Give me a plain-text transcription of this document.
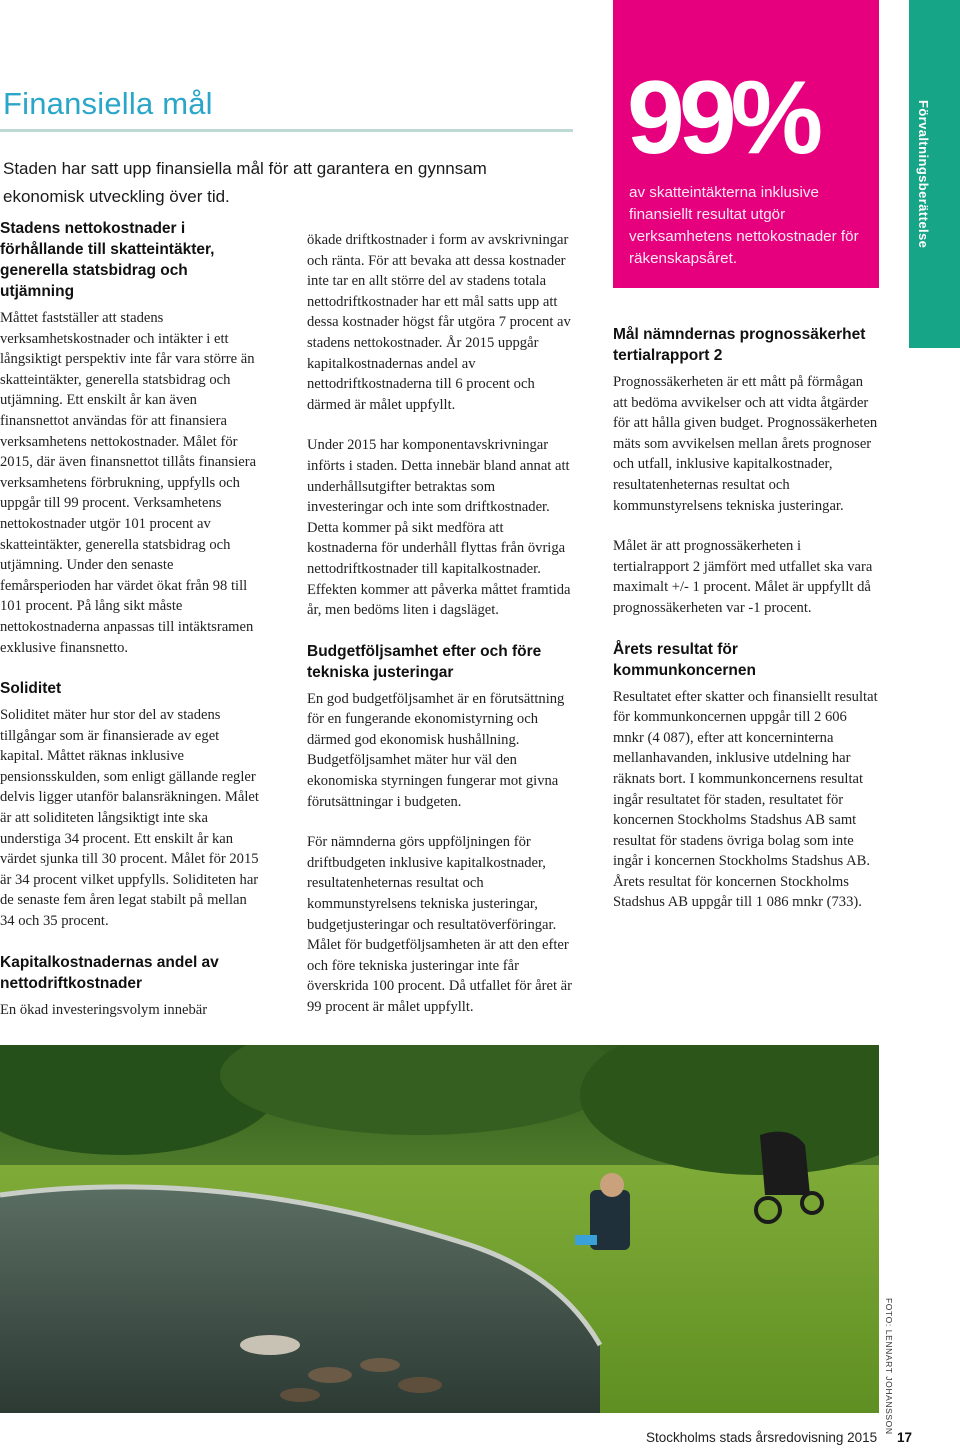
Finansiella mål

Staden har satt upp finansiella mål för att garantera en gynnsam ekonomisk utveckling över tid.

Stadens nettokostnader i förhållande till skatteintäkter, generella statsbidrag och utjämning

Måttet fastställer att stadens verksamhetskostnader och intäkter i ett långsiktigt perspektiv inte får vara större än skatteintäkter, generella statsbidrag och utjämning. Ett enskilt år kan även finansnettot användas för att finansiera verksamhetens nettokostnader. Målet för 2015, där även finansnettot tillåts finansiera verksamhetens förbrukning, uppfylls och uppgår till 99 procent. Verksamhetens nettokostnader utgör 101 procent av skatteintäkter, generella statsbidrag och utjämning. Under den senaste femårsperioden har värdet ökat från 98 till 101 procent. På lång sikt måste nettokostnaderna anpassas till intäktsramen exklusive finansnetto.

Soliditet

Soliditet mäter hur stor del av stadens tillgångar som är finansierade av eget kapital. Måttet räknas inklusive pensionsskulden, som enligt gällande regler delvis ligger utanför balansräkningen. Målet är att soliditeten långsiktigt inte ska understiga 34 procent. Ett enskilt år kan värdet sjunka till 30 procent. Målet för 2015 är 34 procent vilket uppfylls. Soliditeten har de senaste fem åren legat stabilt på mellan 34 och 35 procent.

Kapitalkostnadernas andel av nettodriftkostnader

En ökad investeringsvolym innebär

ökade driftkostnader i form av avskrivningar och ränta. För att bevaka att dessa kostnader inte tar en allt större del av stadens totala nettodriftkostnader har ett mål satts upp att dessa kostnader högst får utgöra 7 procent av stadens nettokostnader. År 2015 uppgår kapitalkostnadernas andel av nettodriftkostnaderna till 6 procent och därmed är målet uppfyllt.

Under 2015 har komponentavskrivningar införts i staden. Detta innebär bland annat att underhållsutgifter betraktas som investeringar och inte som driftkostnader. Detta kommer på sikt medföra att kostnaderna för underhåll flyttas från övriga nettodriftkostnader till kapitalkostnader. Effekten kommer att påverka måttet framtida år, men bedöms liten i dagsläget.

Budgetföljsamhet efter och före tekniska justeringar

En god budgetföljsamhet är en förutsättning för en fungerande ekonomistyrning och därmed god ekonomisk hushållning. Budgetföljsamhet mäter hur väl den ekonomiska styrningen fungerar mot givna förutsättningar i budgeten.

För nämnderna görs uppföljningen för driftbudgeten inklusive kapitalkostnader, resultatenheternas resultat och kommunstyrelsens tekniska justeringar, budgetjusteringar och resultatöverföringar. Målet för budgetföljsamheten är att den efter och före tekniska justeringar inte får överskrida 100 procent. Då utfallet för året är 99 procent är målet uppfyllt.

99%

av skatteintäkterna inklusive finansiellt resultat utgör verksamhetens nettokostnader för räkenskapsåret.

Mål nämndernas prognossäkerhet tertialrapport 2

Prognossäkerheten är ett mått på förmågan att bedöma avvikelser och att vidta åtgärder för att hålla given budget. Prognossäkerheten mäts som avvikelsen mellan årets prognoser och utfall, inklusive kapitalkostnader, resultatenheternas resultat och kommunstyrelsens tekniska justeringar.

Målet är att prognossäkerheten i tertialrapport 2 jämfört med utfallet ska vara maximalt +/- 1 procent. Målet är uppfyllt då prognossäkerheten var -1 procent.

Årets resultat för kommunkoncernen

Resultatet efter skatter och finansiellt resultat för kommunkoncernen uppgår till 2 606 mnkr (4 087), efter att koncerninterna mellanhavanden, inklusive utdelning har räknats bort. I kommunkoncernens resultat ingår resultatet för staden, resultatet för koncernen Stockholms Stadshus AB samt resultat för stadens övriga bolag som inte ingår i koncernen Stockholms Stadshus AB. Årets resultat för koncernen Stockholms Stadshus AB uppgår till 1 086 mnkr (733).

Förvaltningsberättelse
FOTO: LENNART JOHANSSON
Stockholms stads årsredovisning 2015 17
